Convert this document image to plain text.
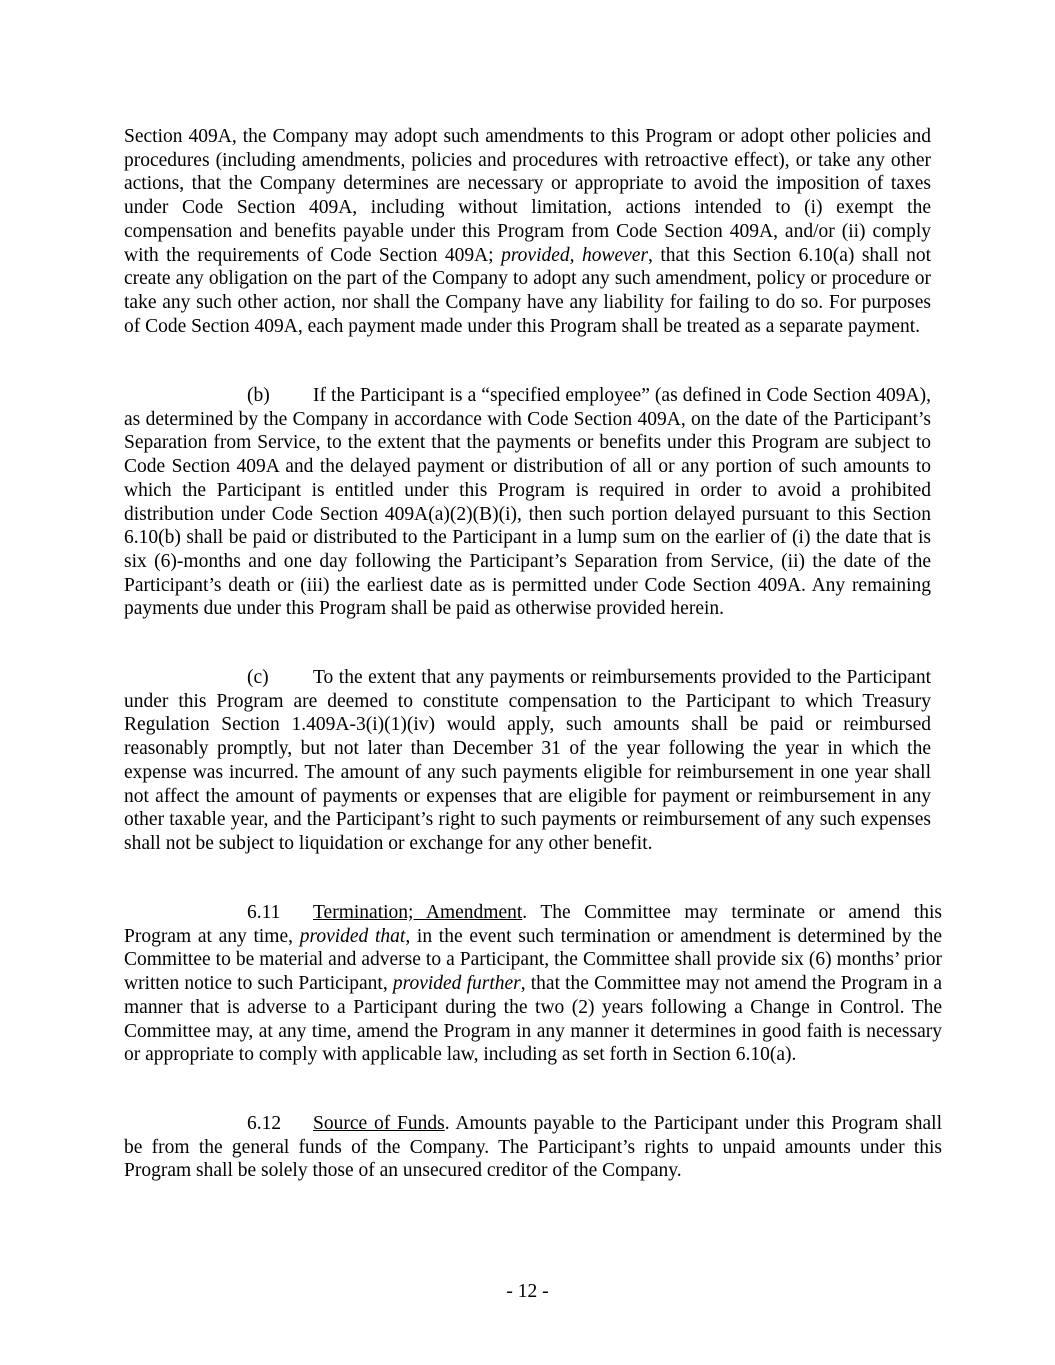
Section 409A, the Company may adopt such amendments to this Program or adopt other policies and procedures (including amendments, policies and procedures with retroactive effect), or take any other actions, that the Company determines are necessary or appropriate to avoid the imposition of taxes under Code Section 409A, including without limitation, actions intended to (i) exempt the compensation and benefits payable under this Program from Code Section 409A, and/or (ii) comply with the requirements of Code Section 409A; provided, however, that this Section 6.10(a) shall not create any obligation on the part of the Company to adopt any such amendment, policy or procedure or take any such other action, nor shall the Company have any liability for failing to do so. For purposes of Code Section 409A, each payment made under this Program shall be treated as a separate payment.

(b) If the Participant is a “specified employee” (as defined in Code Section 409A), as determined by the Company in accordance with Code Section 409A, on the date of the Participant’s Separation from Service, to the extent that the payments or benefits under this Program are subject to Code Section 409A and the delayed payment or distribution of all or any portion of such amounts to which the Participant is entitled under this Program is required in order to avoid a prohibited distribution under Code Section 409A(a)(2)(B)(i), then such portion delayed pursuant to this Section 6.10(b) shall be paid or distributed to the Participant in a lump sum on the earlier of (i) the date that is six (6)-months and one day following the Participant’s Separation from Service, (ii) the date of the Participant’s death or (iii) the earliest date as is permitted under Code Section 409A. Any remaining payments due under this Program shall be paid as otherwise provided herein.

(c) To the extent that any payments or reimbursements provided to the Participant under this Program are deemed to constitute compensation to the Participant to which Treasury Regulation Section 1.409A-3(i)(1)(iv) would apply, such amounts shall be paid or reimbursed reasonably promptly, but not later than December 31 of the year following the year in which the expense was incurred. The amount of any such payments eligible for reimbursement in one year shall not affect the amount of payments or expenses that are eligible for payment or reimbursement in any other taxable year, and the Participant’s right to such payments or reimbursement of any such expenses shall not be subject to liquidation or exchange for any other benefit.

6.11 Termination; Amendment. The Committee may terminate or amend this Program at any time, provided that, in the event such termination or amendment is determined by the Committee to be material and adverse to a Participant, the Committee shall provide six (6) months’ prior written notice to such Participant, provided further, that the Committee may not amend the Program in a manner that is adverse to a Participant during the two (2) years following a Change in Control. The Committee may, at any time, amend the Program in any manner it determines in good faith is necessary or appropriate to comply with applicable law, including as set forth in Section 6.10(a).

6.12 Source of Funds. Amounts payable to the Participant under this Program shall be from the general funds of the Company. The Participant’s rights to unpaid amounts under this Program shall be solely those of an unsecured creditor of the Company.

- 12 -
